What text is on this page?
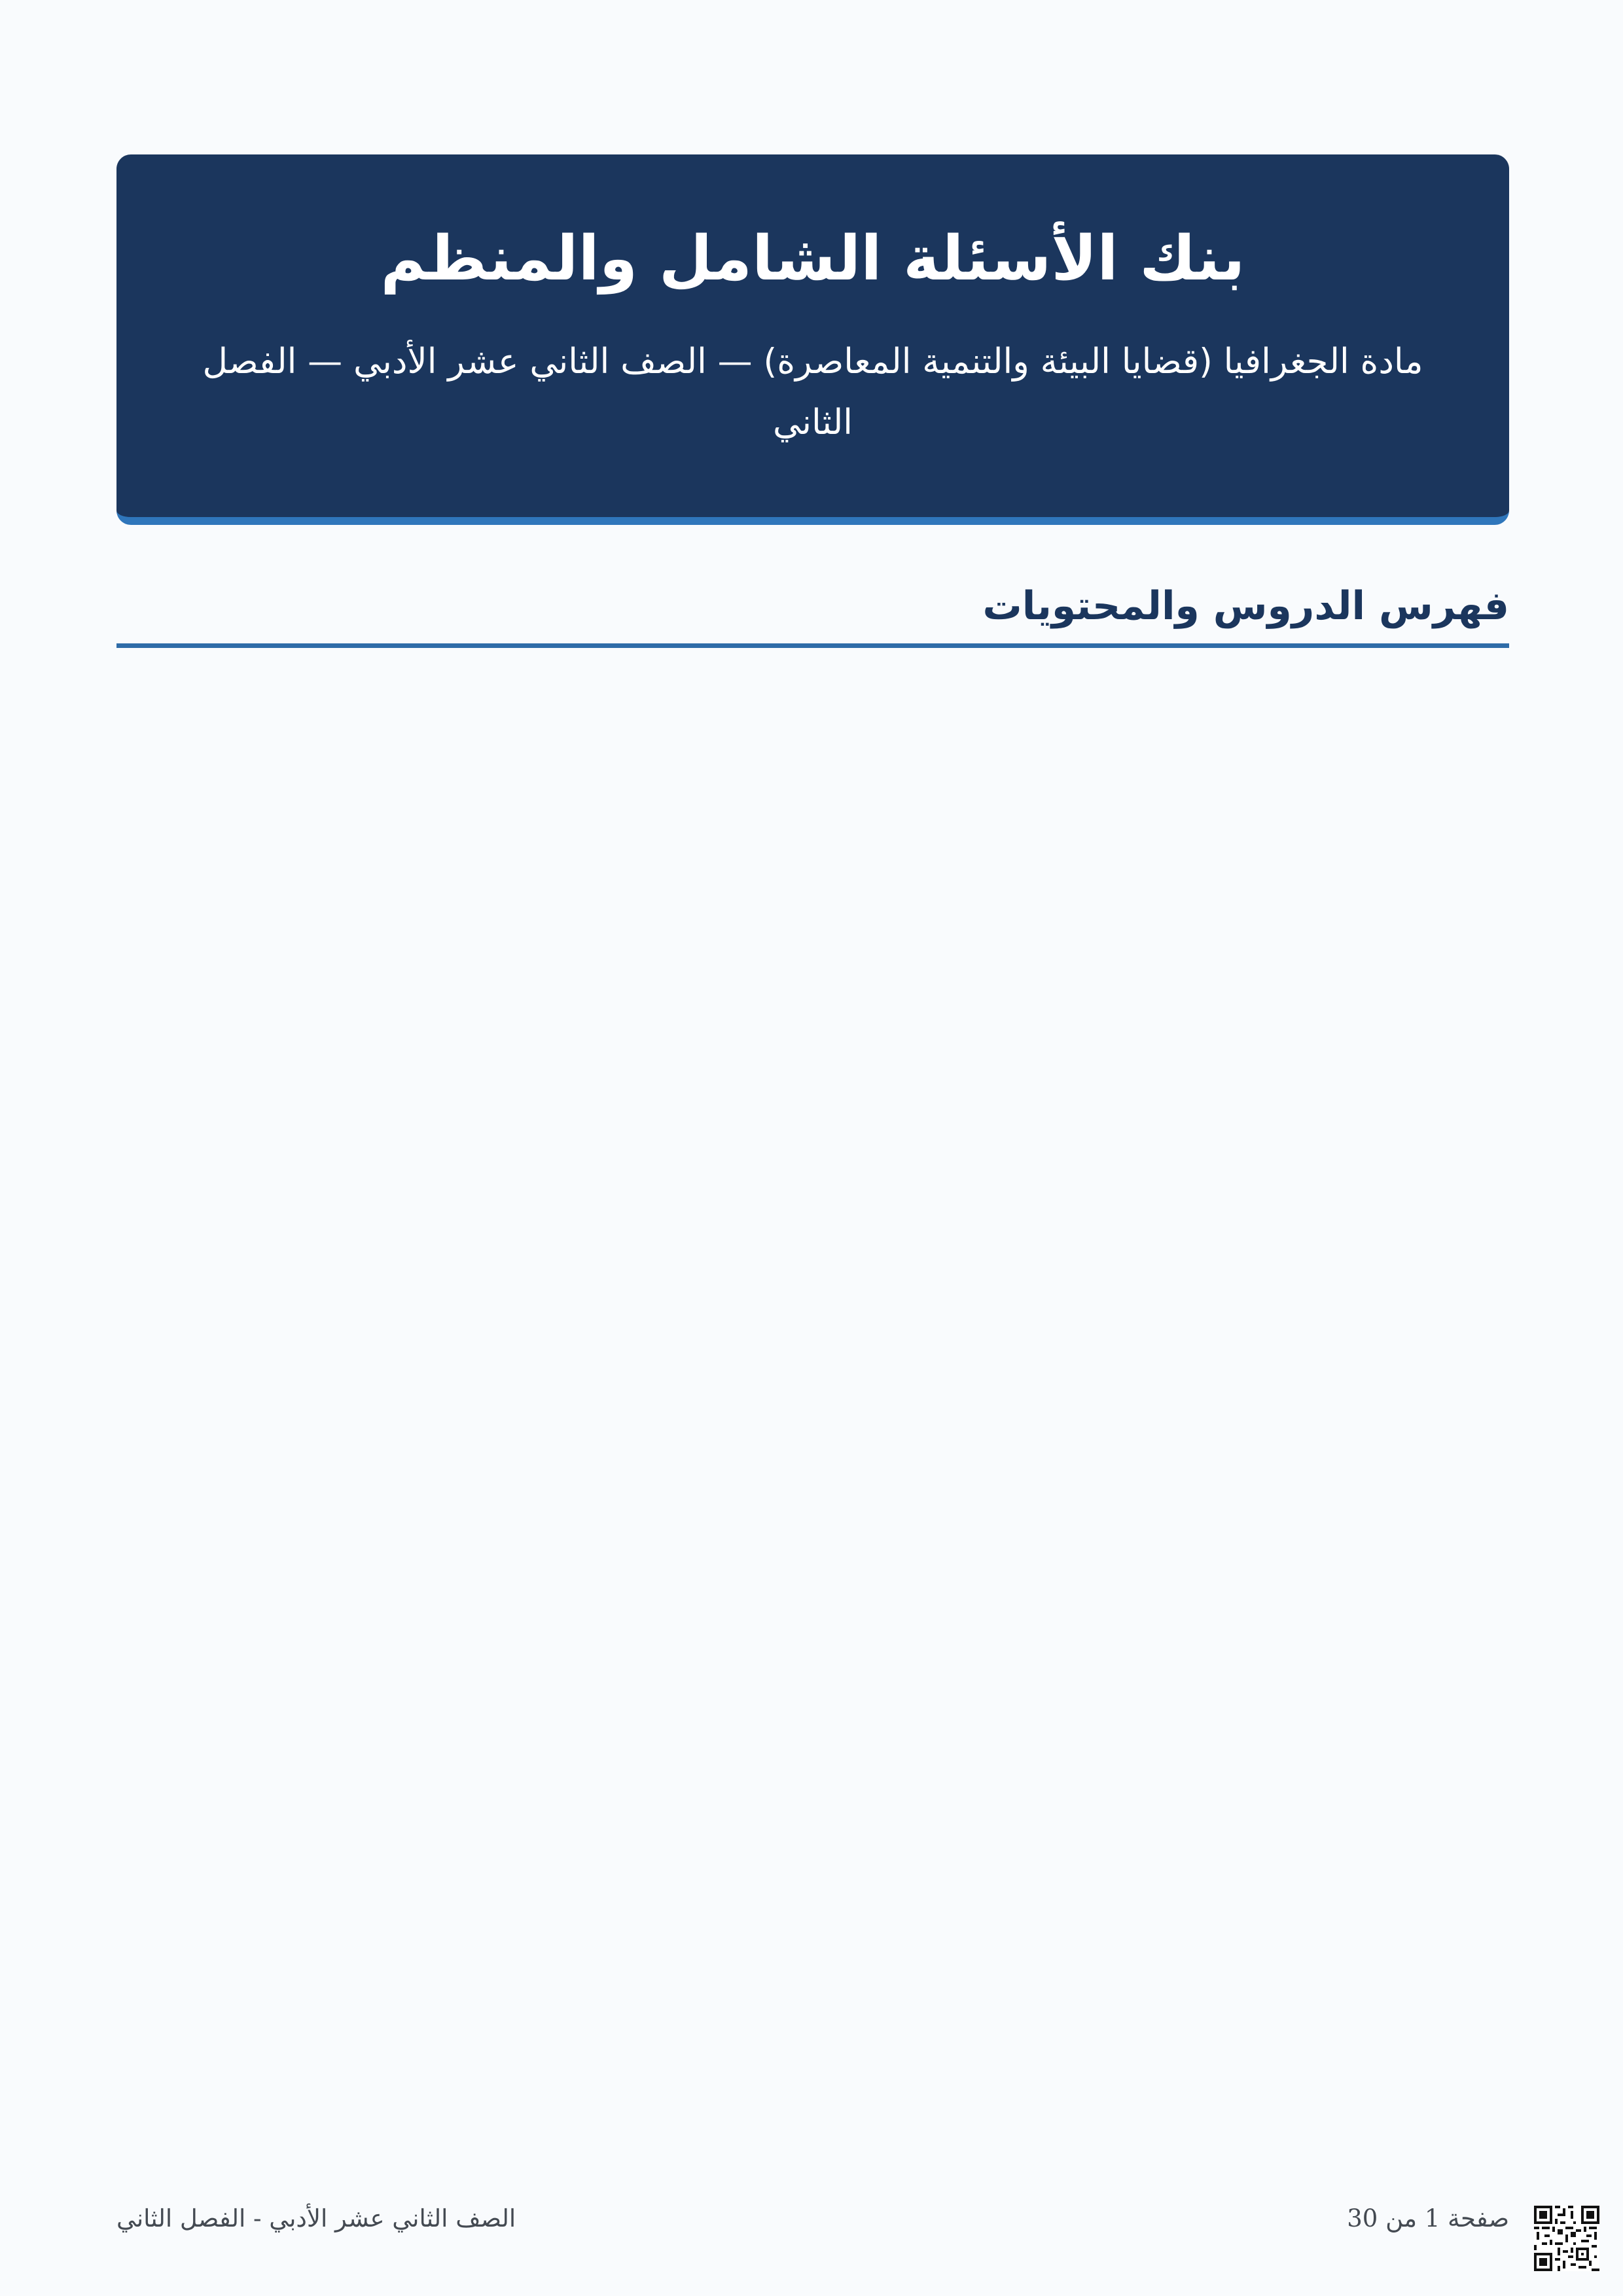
بنك الأسئلة الشامل والمنظم

مادة الجغرافيا (قضايا البيئة والتنمية المعاصرة) — الصف الثاني عشر الأدبي — الفصل الثاني

فهرس الدروس والمحتويات
صفحة 1 من 30
الصف الثاني عشر الأدبي - الفصل الثاني
